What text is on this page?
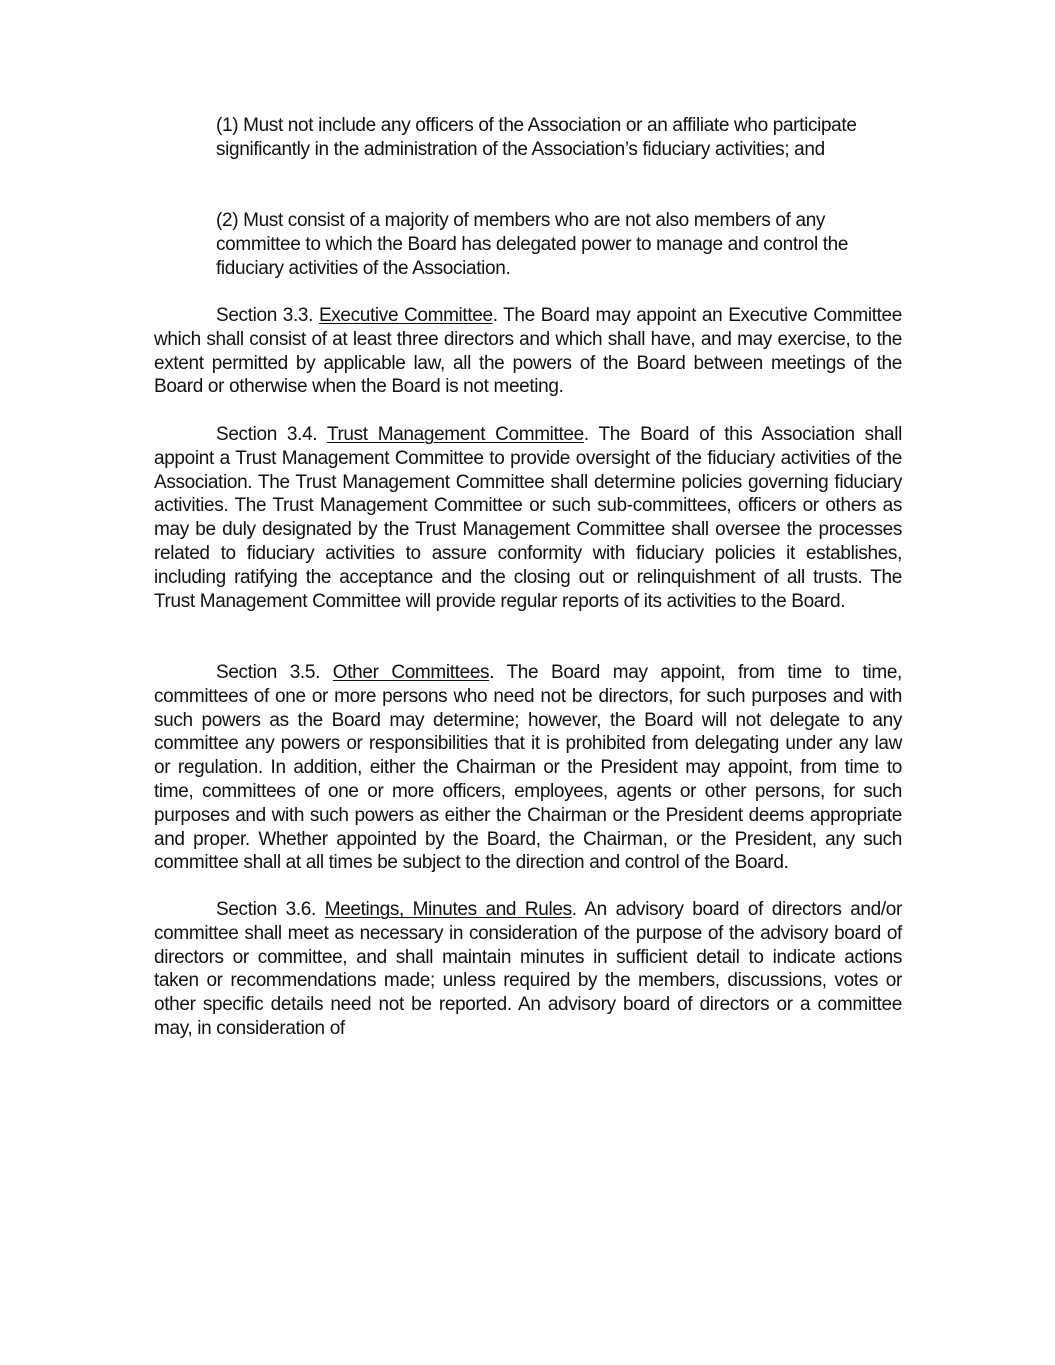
(1) Must not include any officers of the Association or an affiliate who participate significantly in the administration of the Association’s fiduciary activities; and

(2) Must consist of a majority of members who are not also members of any committee to which the Board has delegated power to manage and control the fiduciary activities of the Association.

Section 3.3. Executive Committee. The Board may appoint an Executive Committee which shall consist of at least three directors and which shall have, and may exercise, to the extent permitted by applicable law, all the powers of the Board between meetings of the Board or otherwise when the Board is not meeting.

Section 3.4. Trust Management Committee. The Board of this Association shall appoint a Trust Management Committee to provide oversight of the fiduciary activities of the Association. The Trust Management Committee shall determine policies governing fiduciary activities. The Trust Management Committee or such sub-committees, officers or others as may be duly designated by the Trust Management Committee shall oversee the processes related to fiduciary activities to assure conformity with fiduciary policies it establishes, including ratifying the acceptance and the closing out or relinquishment of all trusts. The Trust Management Committee will provide regular reports of its activities to the Board.

Section 3.5. Other Committees. The Board may appoint, from time to time, committees of one or more persons who need not be directors, for such purposes and with such powers as the Board may determine; however, the Board will not delegate to any committee any powers or responsibilities that it is prohibited from delegating under any law or regulation. In addition, either the Chairman or the President may appoint, from time to time, committees of one or more officers, employees, agents or other persons, for such purposes and with such powers as either the Chairman or the President deems appropriate and proper. Whether appointed by the Board, the Chairman, or the President, any such committee shall at all times be subject to the direction and control of the Board.

Section 3.6. Meetings, Minutes and Rules. An advisory board of directors and/or committee shall meet as necessary in consideration of the purpose of the advisory board of directors or committee, and shall maintain minutes in sufficient detail to indicate actions taken or recommendations made; unless required by the members, discussions, votes or other specific details need not be reported. An advisory board of directors or a committee may, in consideration of
